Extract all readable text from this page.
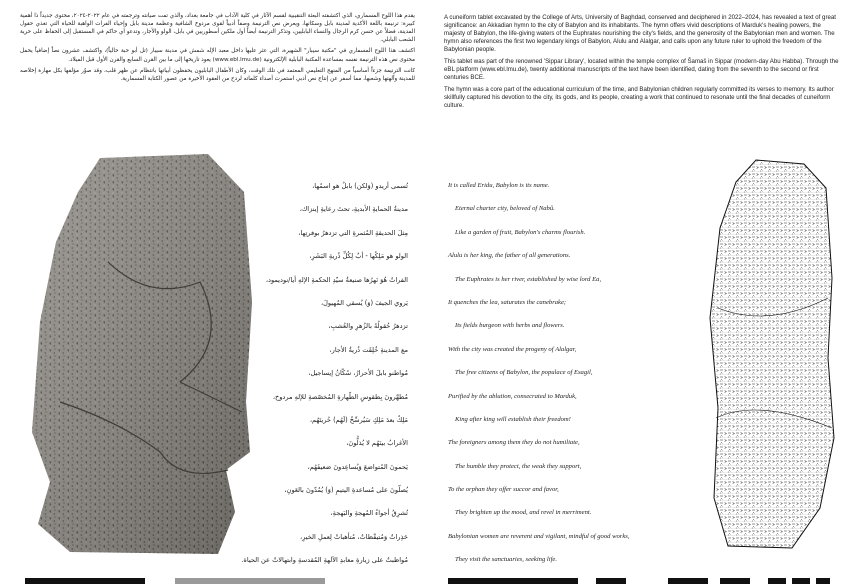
يقدم هذا اللوح المسماري، الذي اكتشفته البعثة التنقيبية لقسم الآثار في كلية الآداب في جامعة بغداد، والذي تمت صيانته وترجمته في عام ٢٠٢٢-٢٠٢٤، محتوى جديداً ذا أهمية كبيرة: ترنيمة باللغة الأكدية لمدينة بابل وسكانها، ويعرض نص الترنيمة وصفاً أدبياً لقوى مردوخ الشافية وعظمة مدينة بابل وإحياء الفرات الواهبة للحياة التي تغذي حقول المدينة، فضلاً عن حسن كرم الرجال والنساء البابليين، وتذكر الترنيمة أيضاً أول ملكين أسطوريين في بابل، الولو والأجار، وتدعو أي حاكم في المستقبل إلى الحفاظ على حرية الشعب البابلي.

اكتشف هذا اللوح المسماري في "مكتبة سيبار" الشهيرة، التي عثر عليها داخل معبد الإله شمش في مدينة سيبار (تل أبو حبة حالياً)، واكتشف عشرون نصاً إضافياً يحمل محتوى نص هذه الترنيمة نفسه بمساعدة المكتبة البابلية الإلكترونية (www.ebl.lmu.de) يعود تاريخها إلى ما بين القرن السابع والقرن الأول قبل الميلاد.

كانت الترنيمة جزءاً أساسياً من المنهج التعليمي المعتمد في تلك الوقت، وكان الأطفال البابليون يحفظون أبياتها بانتظام عن ظهر قلب، وقد صوّر مؤلفها بكل مهارة إخلاصه للمدينة وآلهتها وشعبها، مما أسفر عن إنتاج نص أدبي استمرت أصداء كلماته لردح من العقود الأخيرة من عصور الكتابة المسمارية.

A cuneiform tablet excavated by the College of Arts, University of Baghdad, conserved and deciphered in 2022–2024, has revealed a text of great significance: an Akkadian hymn to the city of Babylon and its inhabitants. The hymn offers vivid descriptions of Marduk's healing powers, the majesty of Babylon, the life-giving waters of the Euphrates nourishing the city's fields, and the generosity of the Babylonian men and women. The hymn also references the first two legendary kings of Babylon, Alulu and Alalgar, and calls upon any future ruler to uphold the freedom of the Babylonian people.

This tablet was part of the renowned 'Sippar Library', located within the temple complex of Šamaš in Sippar (modern-day Abu Habba). Through the eBL platform (www.ebl.lmu.de), twenty additional manuscripts of the text have been identified, dating from the seventh to the second or first centuries BCE.

The hymn was a core part of the educational curriculum of the time, and Babylonian children regularly committed its verses to memory. Its author skillfully captured his devotion to the city, its gods, and its people, creating a work that continued to resonate until the final decades of cuneiform culture.

تُسمى أريدو (وَلكن) بابلُ هو اسمُها،
مدينةُ الحمايةِ الأبديةِ، تحتَ رعايةِ إينزاك،
مِثلَ الحديقةِ المُثمرةِ التي تزدهرُ بوفرتِها،
الولو هو مَلِكُها - أبٌ لِكُلِّ ذُريةِ البَشَرِ،
الفراتُ هُوَ نَهرُها صنيعةُ سيّدِ الحكمةِ الإلهِ أيا/نوديمود،
يَروي الجيفَ (وَ) يُسقي المُهيولَ،
تزدهرُ حُقولُهُ بالزُهرِ والعُشبِ،
مع المدينةِ خُلِقَت ذُريةُ الأجار،
مُواطنو بابلَ الأحرارُ، سُكّانُ إيساجيل،
مُطهَّرونَ بِطقوسِ الطّهارةِ المُخصّصةِ للإلهِ مردوخ،
مَلِكٌ بعدَ مَلِكٍ سَيُرسِّخُ (لَهُم) حُريتَهُم،
الأغرابُ بينَهُم لا يُذلُّونَ،
يَحمونَ المُتواضعَ وَيُساعِدونَ ضعيفَهُم،
يُصلّونَ على مُساعدةِ اليتيمِ (وَ) يُمُدّونَ بالعَونِ،
تُشرِقُ أجواءُ المُهجةِ والبَهجةِ،
حَذِراتٌ وَمُتيقّظاتٌ، مُتأهباتٌ لِعملِ الخيرِ،
مُواظبتٌ على زيارةِ معابدِ الآلهةِ المُقدسةِ وابتهالاتٌ عن الحياة.
It is called Eridu, Babylon is its name.
Eternal charter city, beloved of Nabû.
Like a garden of fruit, Babylon's charms flourish.
Alulu is her king, the father of all generations.
The Euphrates is her river, established by wise lord Ea,
It quenches the lea, saturates the canebrake;
Its fields burgeon with herbs and flowers.
With the city was created the progeny of Alalgar,
The free citizens of Babylon, the populace of Esagil,
Purified by the ablution, consecrated to Marduk,
King after king will establish their freedom!
The foreigners among them they do not humiliate,
The humble they protect, the weak they support,
To the orphan they offer succor and favor,
They brighten up the mood, and revel in merriment.
Babylonian women are reverent and vigilant, mindful of good works,
They visit the sanctuaries, seeking life.
